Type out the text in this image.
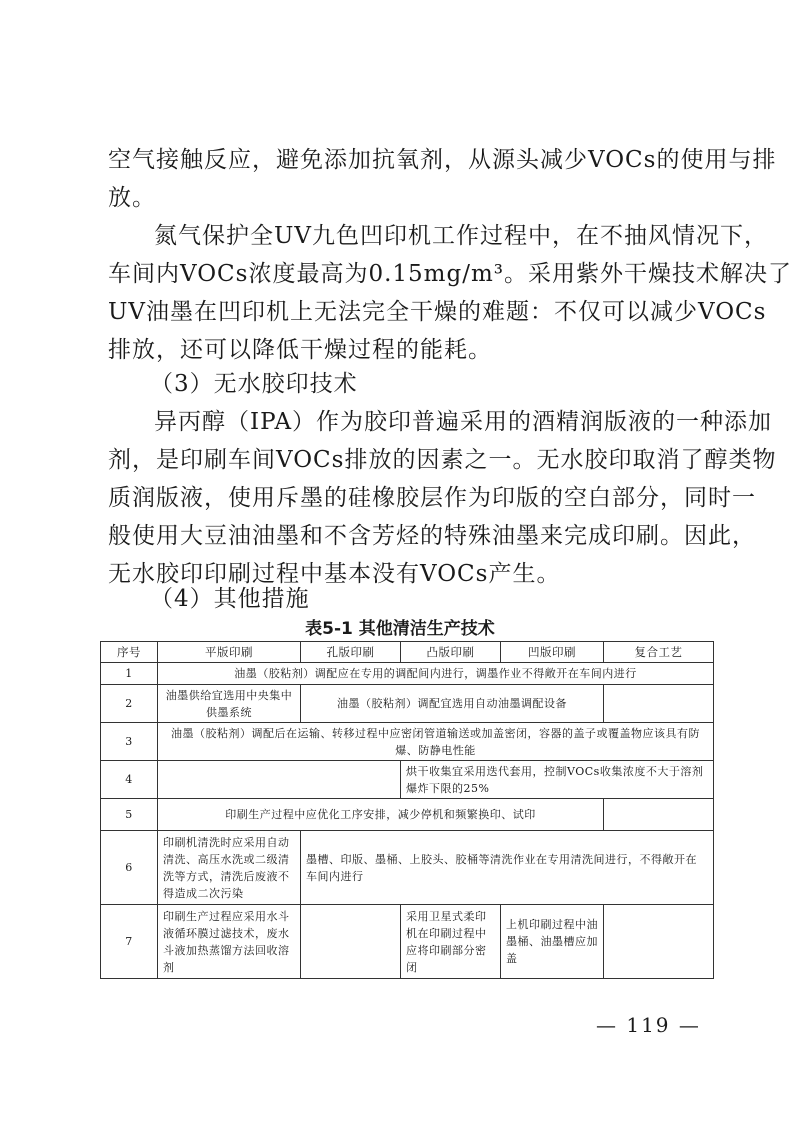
空气接触反应，避免添加抗氧剂，从源头减少VOCs的使用与排
放。
氮气保护全UV九色凹印机工作过程中，在不抽风情况下，
车间内VOCs浓度最高为0.15mg/m³。采用紫外干燥技术解决了
UV油墨在凹印机上无法完全干燥的难题：不仅可以减少VOCs
排放，还可以降低干燥过程的能耗。
（3）无水胶印技术
异丙醇（IPA）作为胶印普遍采用的酒精润版液的一种添加
剂，是印刷车间VOCs排放的因素之一。无水胶印取消了醇类物
质润版液，使用斥墨的硅橡胶层作为印版的空白部分，同时一
般使用大豆油油墨和不含芳烃的特殊油墨来完成印刷。因此，
无水胶印印刷过程中基本没有VOCs产生。
（4）其他措施
表5-1 其他清洁生产技术
序号	平版印刷	孔版印刷	凸版印刷	凹版印刷	复合工艺
1	油墨（胶粘剂）调配应在专用的调配间内进行，调墨作业不得敞开在车间内进行				
2	油墨供给宜选用中央集中供墨系统	油墨（胶粘剂）调配宜选用自动油墨调配设备			
3	油墨（胶粘剂）调配后在运输、转移过程中应密闭管道输送或加盖密闭，容器的盖子或覆盖物应该具有防爆、防静电性能				
4			烘干收集宜采用迭代套用，控制VOCs收集浓度不大于溶剂爆炸下限的25%		
5	印刷生产过程中应优化工序安排，减少停机和频繁换印、试印				
6	印刷机清洗时应采用自动清洗、高压水洗或二级清洗等方式，清洗后废液不得造成二次污染	墨槽、印版、墨桶、上胶头、胶桶等清洗作业在专用清洗间进行，不得敞开在车间内进行			
7	印刷生产过程应采用水斗液循环膜过滤技术，废水斗液加热蒸馏方法回收溶剂		采用卫星式柔印机在印刷过程中应将印刷部分密闭	上机印刷过程中油墨桶、油墨槽应加盖	
— 119 —
